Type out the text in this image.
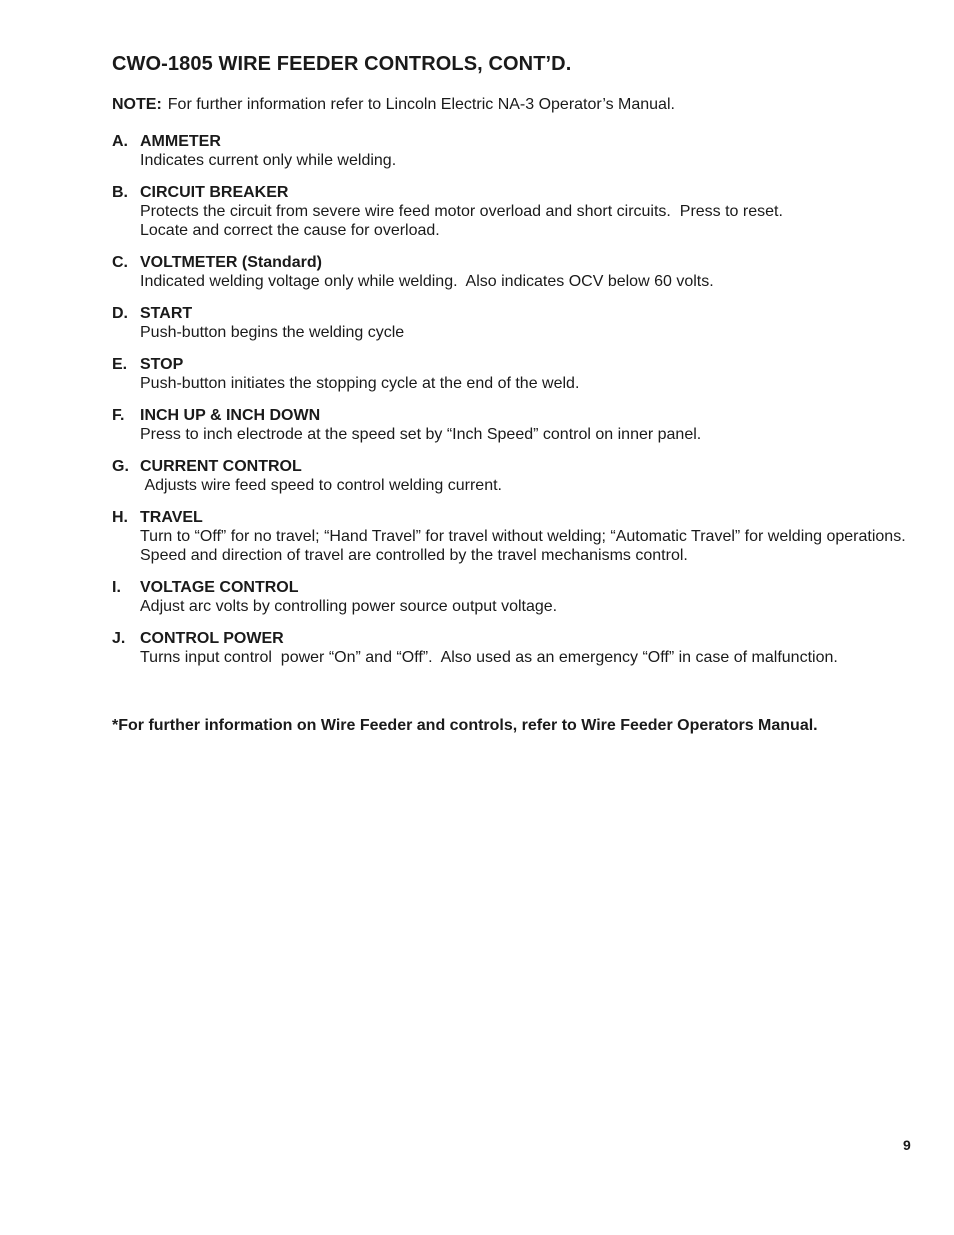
CWO-1805 WIRE FEEDER CONTROLS, CONT’D.
NOTE: For further information refer to Lincoln Electric NA-3 Operator’s Manual.
A. AMMETER
Indicates current only while welding.
B. CIRCUIT BREAKER
Protects the circuit from severe wire feed motor overload and short circuits.  Press to reset.
Locate and correct the cause for overload.
C. VOLTMETER (Standard)
Indicated welding voltage only while welding.  Also indicates OCV below 60 volts.
D. START
Push-button begins the welding cycle
E. STOP
Push-button initiates the stopping cycle at the end of the weld.
F. INCH UP & INCH DOWN
Press to inch electrode at the speed set by “Inch Speed” control on inner panel.
G. CURRENT CONTROL
Adjusts wire feed speed to control welding current.
H. TRAVEL
Turn to “Off” for no travel; “Hand Travel” for travel without welding; “Automatic Travel” for welding operations.  Speed and direction of travel are controlled by the travel mechanisms control.
I.	VOLTAGE CONTROL
Adjust arc volts by controlling power source output voltage.
J. CONTROL POWER
Turns input control  power “On” and “Off”.  Also used as an emergency “Off” in case of malfunction.
*For further information on Wire Feeder and controls, refer to Wire Feeder Operators Manual.
9
